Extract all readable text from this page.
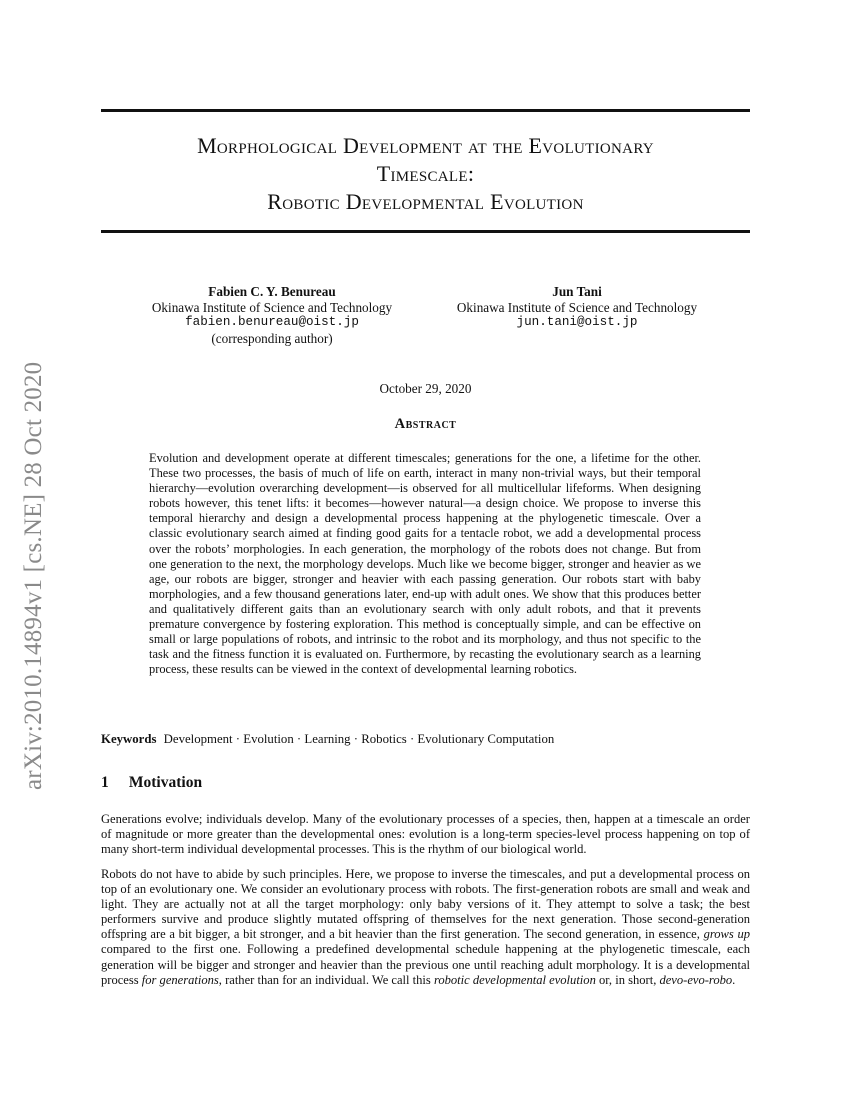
Morphological Development at the Evolutionary
Timescale:
Robotic Developmental Evolution
arXiv:2010.14894v1 [cs.NE] 28 Oct 2020
Fabien C. Y. Benureau
Okinawa Institute of Science and Technology
fabien.benureau@oist.jp
(corresponding author)
Jun Tani
Okinawa Institute of Science and Technology
jun.tani@oist.jp
October 29, 2020
Abstract

Evolution and development operate at different timescales; generations for the one, a lifetime for the other. These two processes, the basis of much of life on earth, interact in many non-trivial ways, but their temporal hierarchy—evolution overarching development—is observed for all multicellular lifeforms. When designing robots however, this tenet lifts: it becomes—however natural—a design choice. We propose to inverse this temporal hierarchy and design a developmental process happening at the phylogenetic timescale. Over a classic evolutionary search aimed at finding good gaits for a tentacle robot, we add a developmental process over the robots’ morphologies. In each generation, the morphology of the robots does not change. But from one generation to the next, the morphology develops. Much like we become bigger, stronger and heavier as we age, our robots are bigger, stronger and heavier with each passing generation. Our robots start with baby morphologies, and a few thousand generations later, end-up with adult ones. We show that this produces better and qualitatively different gaits than an evolutionary search with only adult robots, and that it prevents premature convergence by fostering exploration. This method is conceptually simple, and can be effective on small or large populations of robots, and intrinsic to the robot and its morphology, and thus not specific to the task and the fitness function it is evaluated on. Furthermore, by recasting the evolutionary search as a learning process, these results can be viewed in the context of developmental learning robotics.

Keywords Development · Evolution · Learning · Robotics · Evolutionary Computation

1 Motivation

Generations evolve; individuals develop. Many of the evolutionary processes of a species, then, happen at a timescale an order of magnitude or more greater than the developmental ones: evolution is a long-term species-level process happening on top of many short-term individual developmental processes. This is the rhythm of our biological world.

Robots do not have to abide by such principles. Here, we propose to inverse the timescales, and put a developmental process on top of an evolutionary one. We consider an evolutionary process with robots. The first-generation robots are small and weak and light. They are actually not at all the target morphology: only baby versions of it. They attempt to solve a task; the best performers survive and produce slightly mutated offspring of themselves for the next generation. Those second-generation offspring are a bit bigger, a bit stronger, and a bit heavier than the first generation. The second generation, in essence, grows up compared to the first one. Following a predefined developmental schedule happening at the phylogenetic timescale, each generation will be bigger and stronger and heavier than the previous one until reaching adult morphology. It is a developmental process for generations, rather than for an individual. We call this robotic developmental evolution or, in short, devo-evo-robo.
